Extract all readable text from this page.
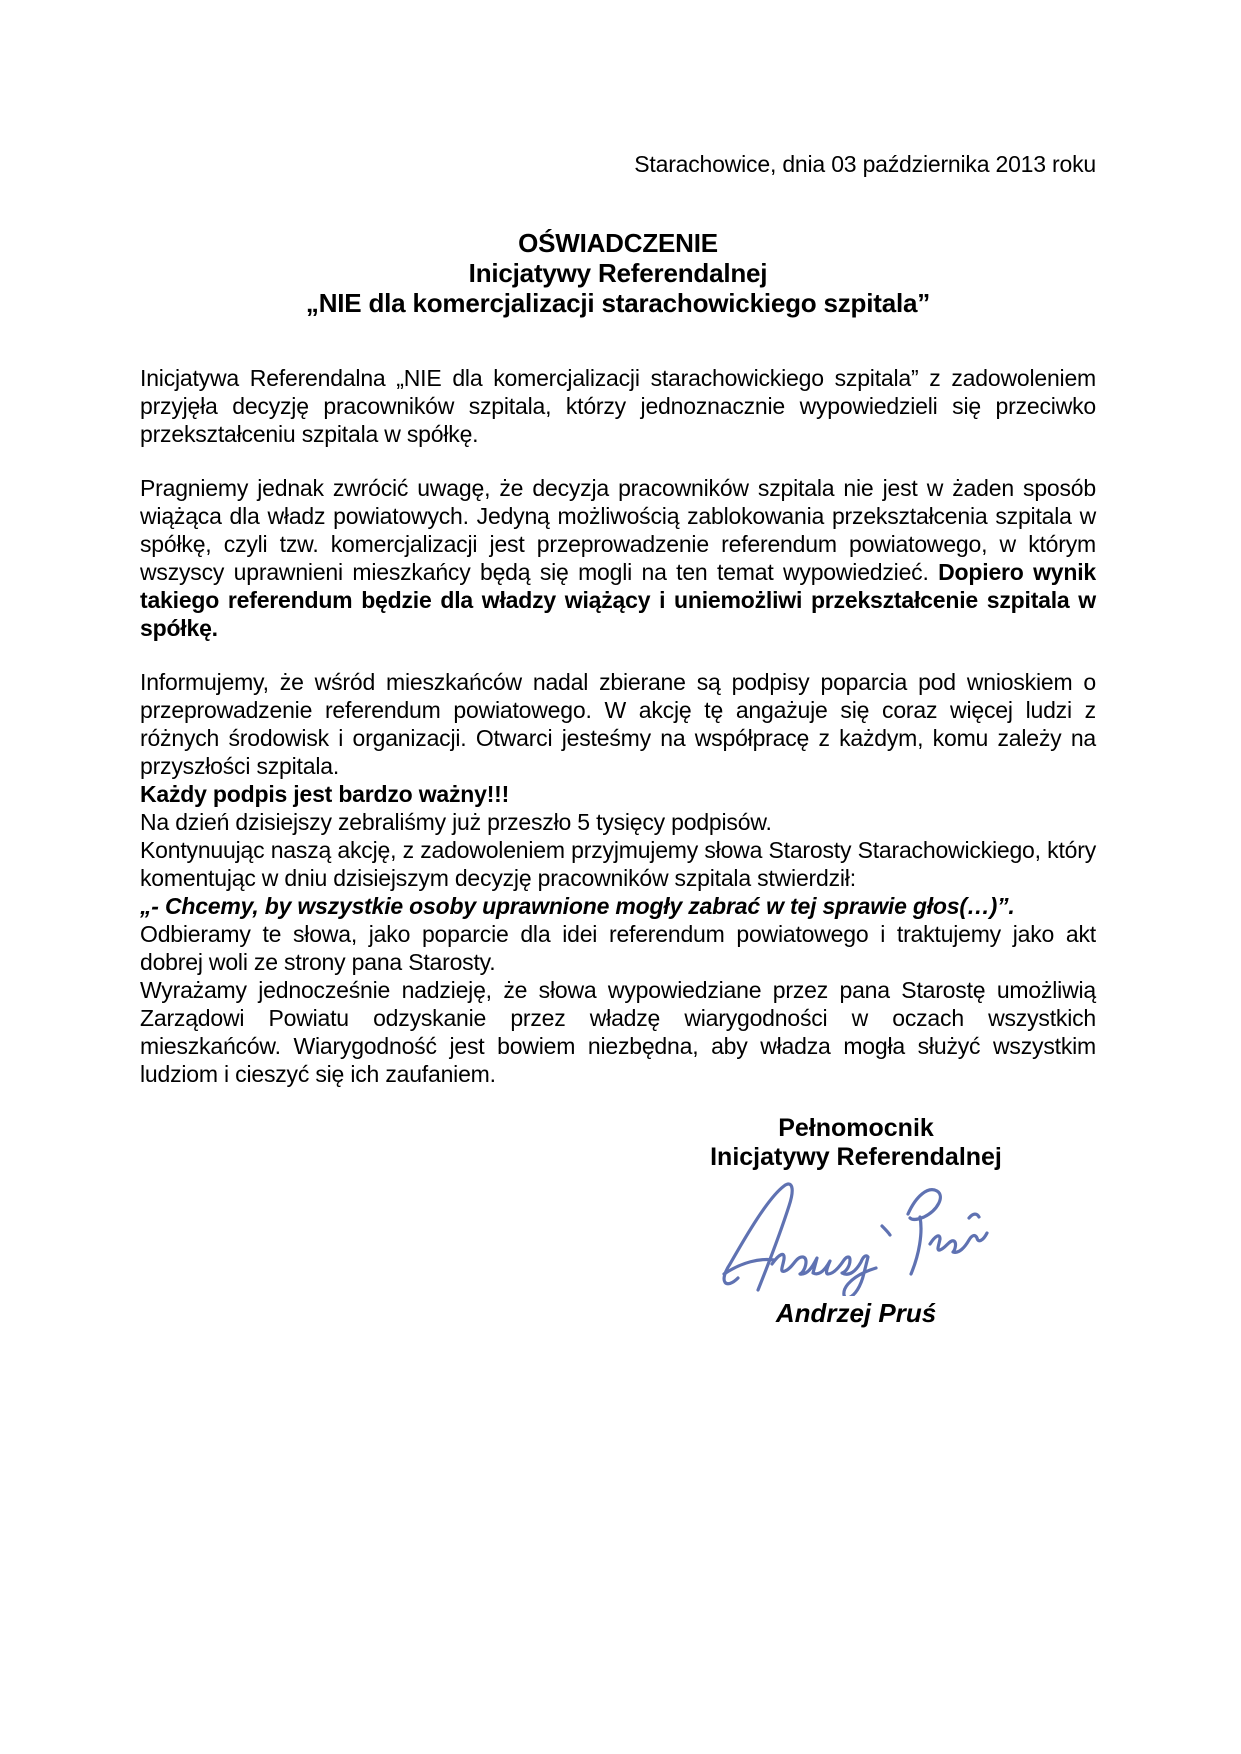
Starachowice, dnia 03 października 2013 roku
OŚWIADCZENIE
Inicjatywy Referendalnej
„NIE dla komercjalizacji starachowickiego szpitala”
Inicjatywa Referendalna „NIE dla komercjalizacji starachowickiego szpitala” z zadowoleniem przyjęła decyzję pracowników szpitala, którzy jednoznacznie wypowiedzieli się przeciwko przekształceniu szpitala w spółkę.
Pragniemy jednak zwrócić uwagę, że decyzja pracowników szpitala nie jest w żaden sposób wiążąca dla władz powiatowych. Jedyną możliwością zablokowania przekształcenia szpitala w spółkę, czyli tzw. komercjalizacji jest przeprowadzenie referendum powiatowego, w którym wszyscy uprawnieni mieszkańcy będą się mogli na ten temat wypowiedzieć. Dopiero wynik takiego referendum będzie dla władzy wiążący i uniemożliwi przekształcenie szpitala w spółkę.
Informujemy, że wśród mieszkańców nadal zbierane są podpisy poparcia pod wnioskiem o przeprowadzenie referendum powiatowego. W akcję tę angażuje się coraz więcej ludzi z różnych środowisk i organizacji. Otwarci jesteśmy na współpracę z każdym, komu zależy na przyszłości szpitala.
Każdy podpis jest bardzo ważny!!!
Na dzień dzisiejszy zebraliśmy już przeszło 5 tysięcy podpisów.
Kontynuując naszą akcję, z zadowoleniem przyjmujemy słowa Starosty Starachowickiego, który komentując w dniu dzisiejszym decyzję pracowników szpitala stwierdził:
„- Chcemy, by wszystkie osoby uprawnione mogły zabrać w tej sprawie głos(…)”.
Odbieramy te słowa, jako poparcie dla idei referendum powiatowego i traktujemy jako akt dobrej woli ze strony pana Starosty.
Wyrażamy jednocześnie nadzieję, że słowa wypowiedziane przez pana Starostę umożliwią Zarządowi Powiatu odzyskanie przez władzę wiarygodności w oczach wszystkich mieszkańców. Wiarygodność jest bowiem niezbędna, aby władza mogła służyć wszystkim ludziom i cieszyć się ich zaufaniem.
Pełnomocnik
Inicjatywy Referendalnej
Andrzej Pruś
